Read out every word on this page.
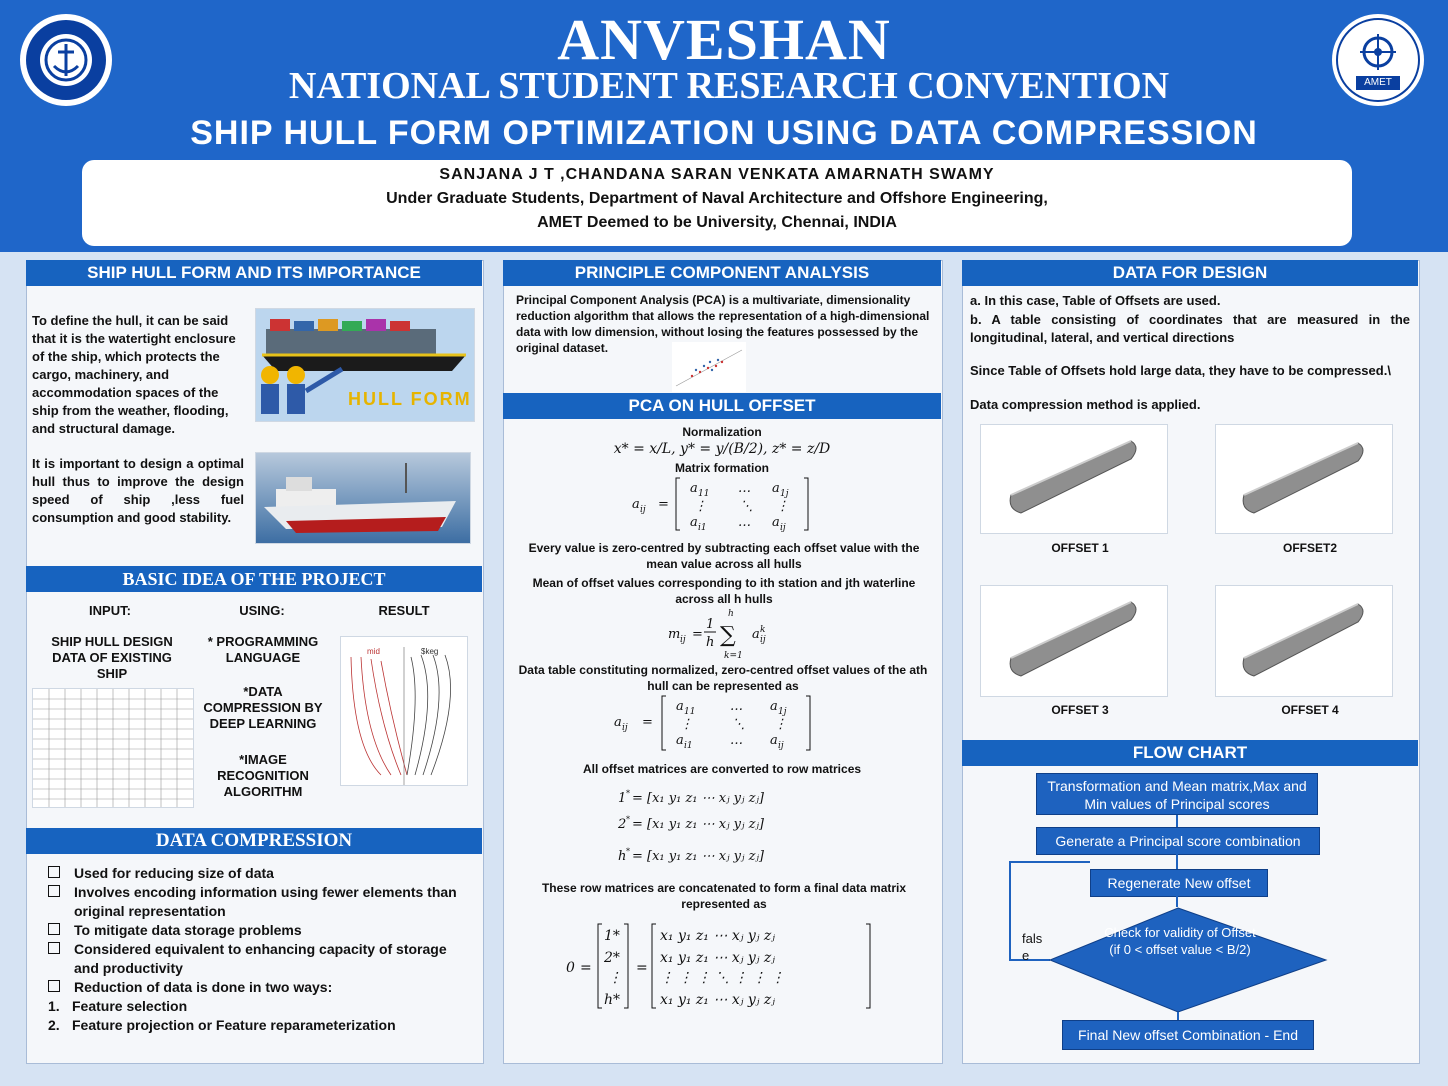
AMET
ANVESHAN
NATIONAL STUDENT RESEARCH CONVENTION
SHIP HULL FORM OPTIMIZATION USING DATA COMPRESSION
SANJANA J T ,CHANDANA SARAN VENKATA AMARNATH SWAMY
Under Graduate Students, Department of Naval Architecture and Offshore Engineering,
AMET Deemed to be University, Chennai, INDIA
SHIP HULL FORM AND ITS IMPORTANCE
To define the hull, it can be said that it is the watertight enclosure of the ship, which protects the cargo, machinery, and accommodation spaces of the ship from the weather, flooding, and structural damage.
HULL FORM
It is important to design a optimal hull thus to improve the design speed of ship ,less fuel consumption and good stability.
BASIC IDEA OF THE PROJECT
INPUT:
SHIP HULL DESIGN DATA OF EXISTING SHIP
USING:
* PROGRAMMING LANGUAGE
*DATA COMPRESSION BY DEEP LEARNING
*IMAGE RECOGNITION ALGORITHM
RESULT
mid	$keg
DATA COMPRESSION
Used for reducing size of data
Involves encoding information using fewer elements than original representation
To mitigate data storage problems
Considered equivalent to enhancing capacity of storage and productivity
Reduction of data is done in two ways:
1. Feature selection
2. Feature projection or Feature reparameterization
PRINCIPLE COMPONENT ANALYSIS
Principal Component Analysis (PCA) is a multivariate, dimensionality reduction algorithm that allows the representation of a high-dimensional data with low dimension, without losing the features possessed by the original dataset.
PCA ON HULL OFFSET
Normalization
x* = x/L, y* = y/(B/2), z* = z/D
Matrix formation
a ij =
a 11 … a 1j
⋮	⋱ ⋮
a i1 … a ij
Every value is zero-centred by subtracting each offset value with the mean value across all hulls
Mean of offset values corresponding to ith station and jth waterline across all h hulls
m ij =
1
h ∑
h
k=1
a ij
k
Data table constituting normalized, zero-centred offset values of the ath hull can be represented as
a ij =
a 11	… a 1j
⋮	⋱ ⋮
a i1	… a ij
All offset matrices are converted to row matrices
1 * = [x₁ y₁ z₁ ⋯ xⱼ yⱼ zⱼ]
2 * = [x₁ y₁ z₁ ⋯ xⱼ yⱼ zⱼ]
h * = [x₁ y₁ z₁ ⋯ xⱼ yⱼ zⱼ]
These row matrices are concatenated to form a final data matrix represented as
0 =
1*
2*
⋮
h*
=
x₁ y₁ z₁ ⋯ xⱼ yⱼ zⱼ
x₁ y₁ z₁ ⋯ xⱼ yⱼ zⱼ
⋮ ⋮ ⋮ ⋱ ⋮ ⋮ ⋮
x₁ y₁ z₁ ⋯ xⱼ yⱼ zⱼ
DATA FOR DESIGN
a. In this case, Table of Offsets are used.
b. A table consisting of coordinates that are measured in the longitudinal, lateral, and vertical directions
Since Table of Offsets hold large data, they have to be compressed.\
Data compression method is applied.
OFFSET 1	OFFSET2
OFFSET 3	OFFSET 4
FLOW CHART
Transformation and Mean matrix,Max and Min values of Principal scores
Generate a Principal score combination
Regenerate New offset
Check for validity of Offset (if 0 < offset value < B/2)
fals e
Final New offset Combination - End
